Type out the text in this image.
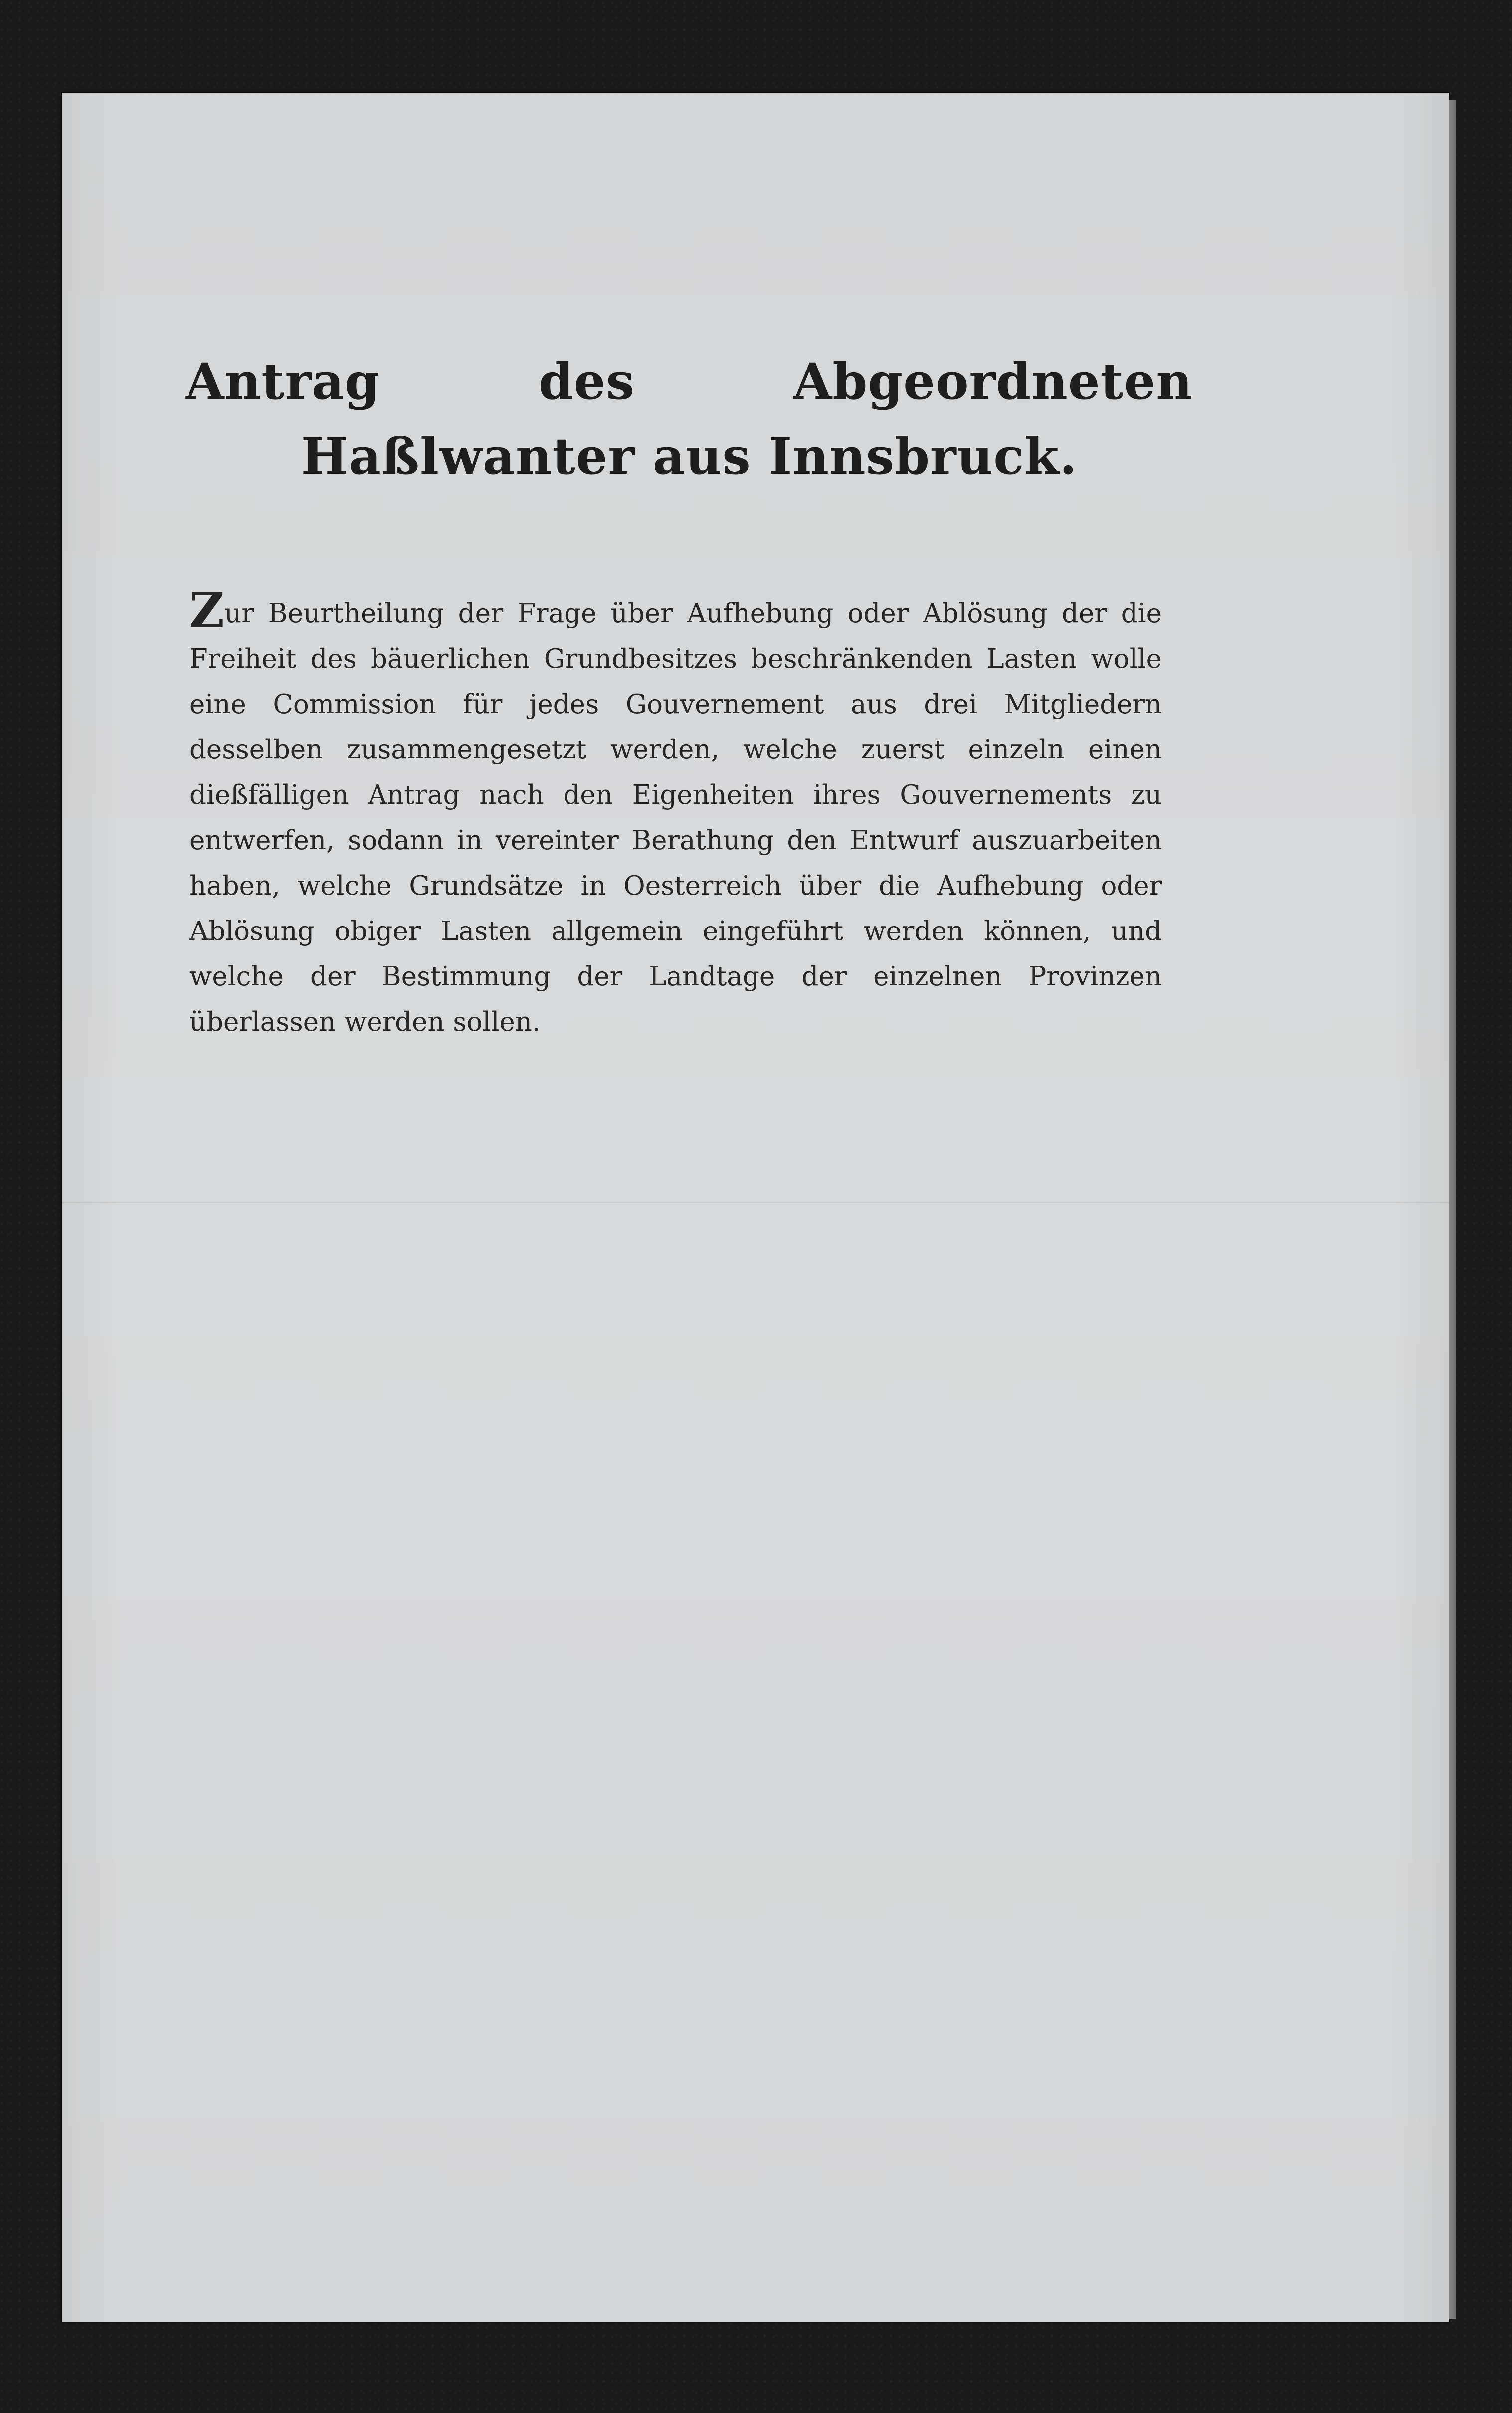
Antrag des Abgeordneten Haßlwanter aus Innsbruck.

Zur Beurtheilung der Frage über Aufhebung oder Ablösung der die Freiheit des bäuerlichen Grundbesitzes beschränkenden Lasten wolle eine Commission für jedes Gouvernement aus drei Mitgliedern desselben zusammengesetzt werden, welche zuerst einzeln einen dießfälligen Antrag nach den Eigenheiten ihres Gouvernements zu entwerfen, sodann in vereinter Berathung den Entwurf auszuarbeiten haben, welche Grundsätze in Oesterreich über die Aufhebung oder Ablösung obiger Lasten allgemein eingeführt werden können, und welche der Bestimmung der Landtage der einzelnen Provinzen überlassen werden sollen.
